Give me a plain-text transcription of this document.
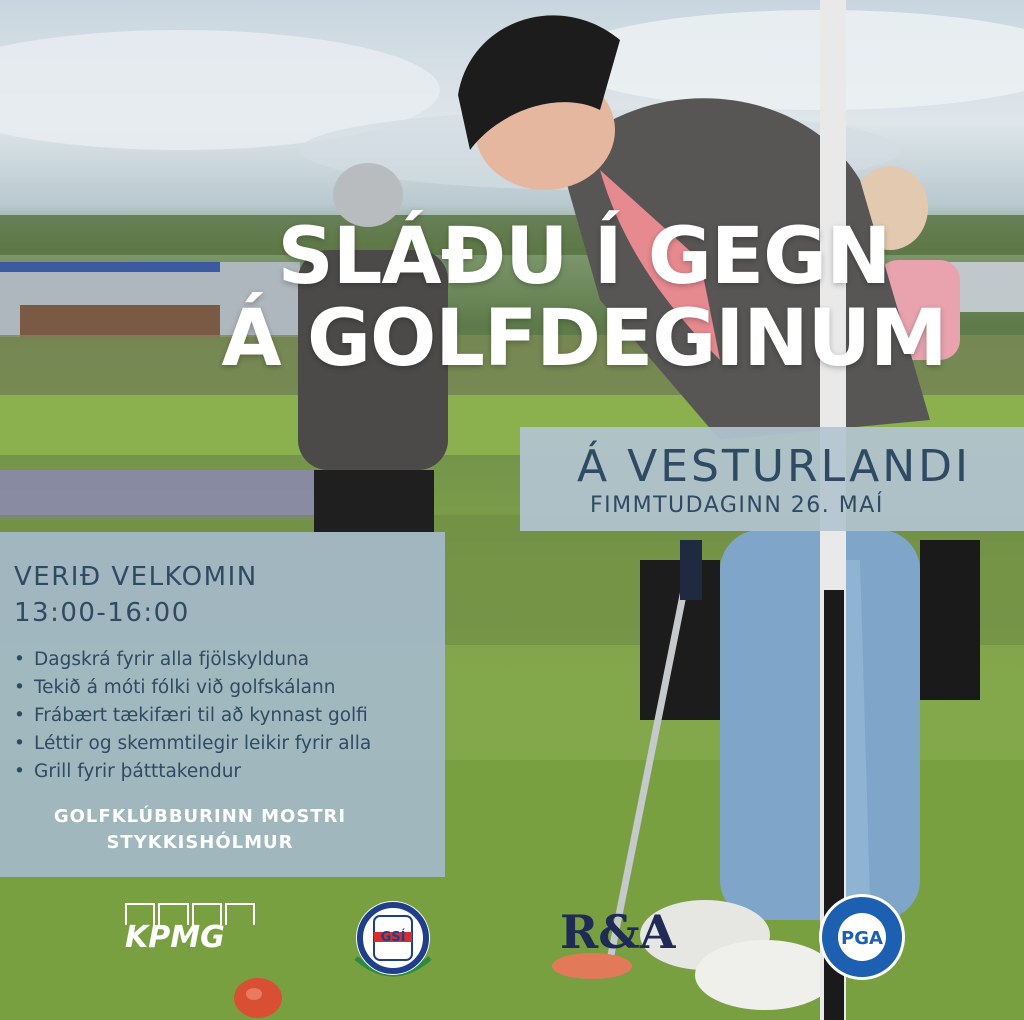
SLÁÐU Í GEGN
Á GOLFDEGINUM
Á VESTURLANDI
FIMMTUDAGINN 26. MAÍ
VERIÐ VELKOMIN
13:00-16:00
• Dagskrá fyrir alla fjölskylduna
• Tekið á móti fólki við golfskálann
• Frábært tækifæri til að kynnast golfi
• Léttir og skemmtilegir leikir fyrir alla
• Grill fyrir þátttakendur
GOLFKLÚBBURINN MOSTRI
STYKKISHÓLMUR
KPMG	GSÍ	R&A	PGA
